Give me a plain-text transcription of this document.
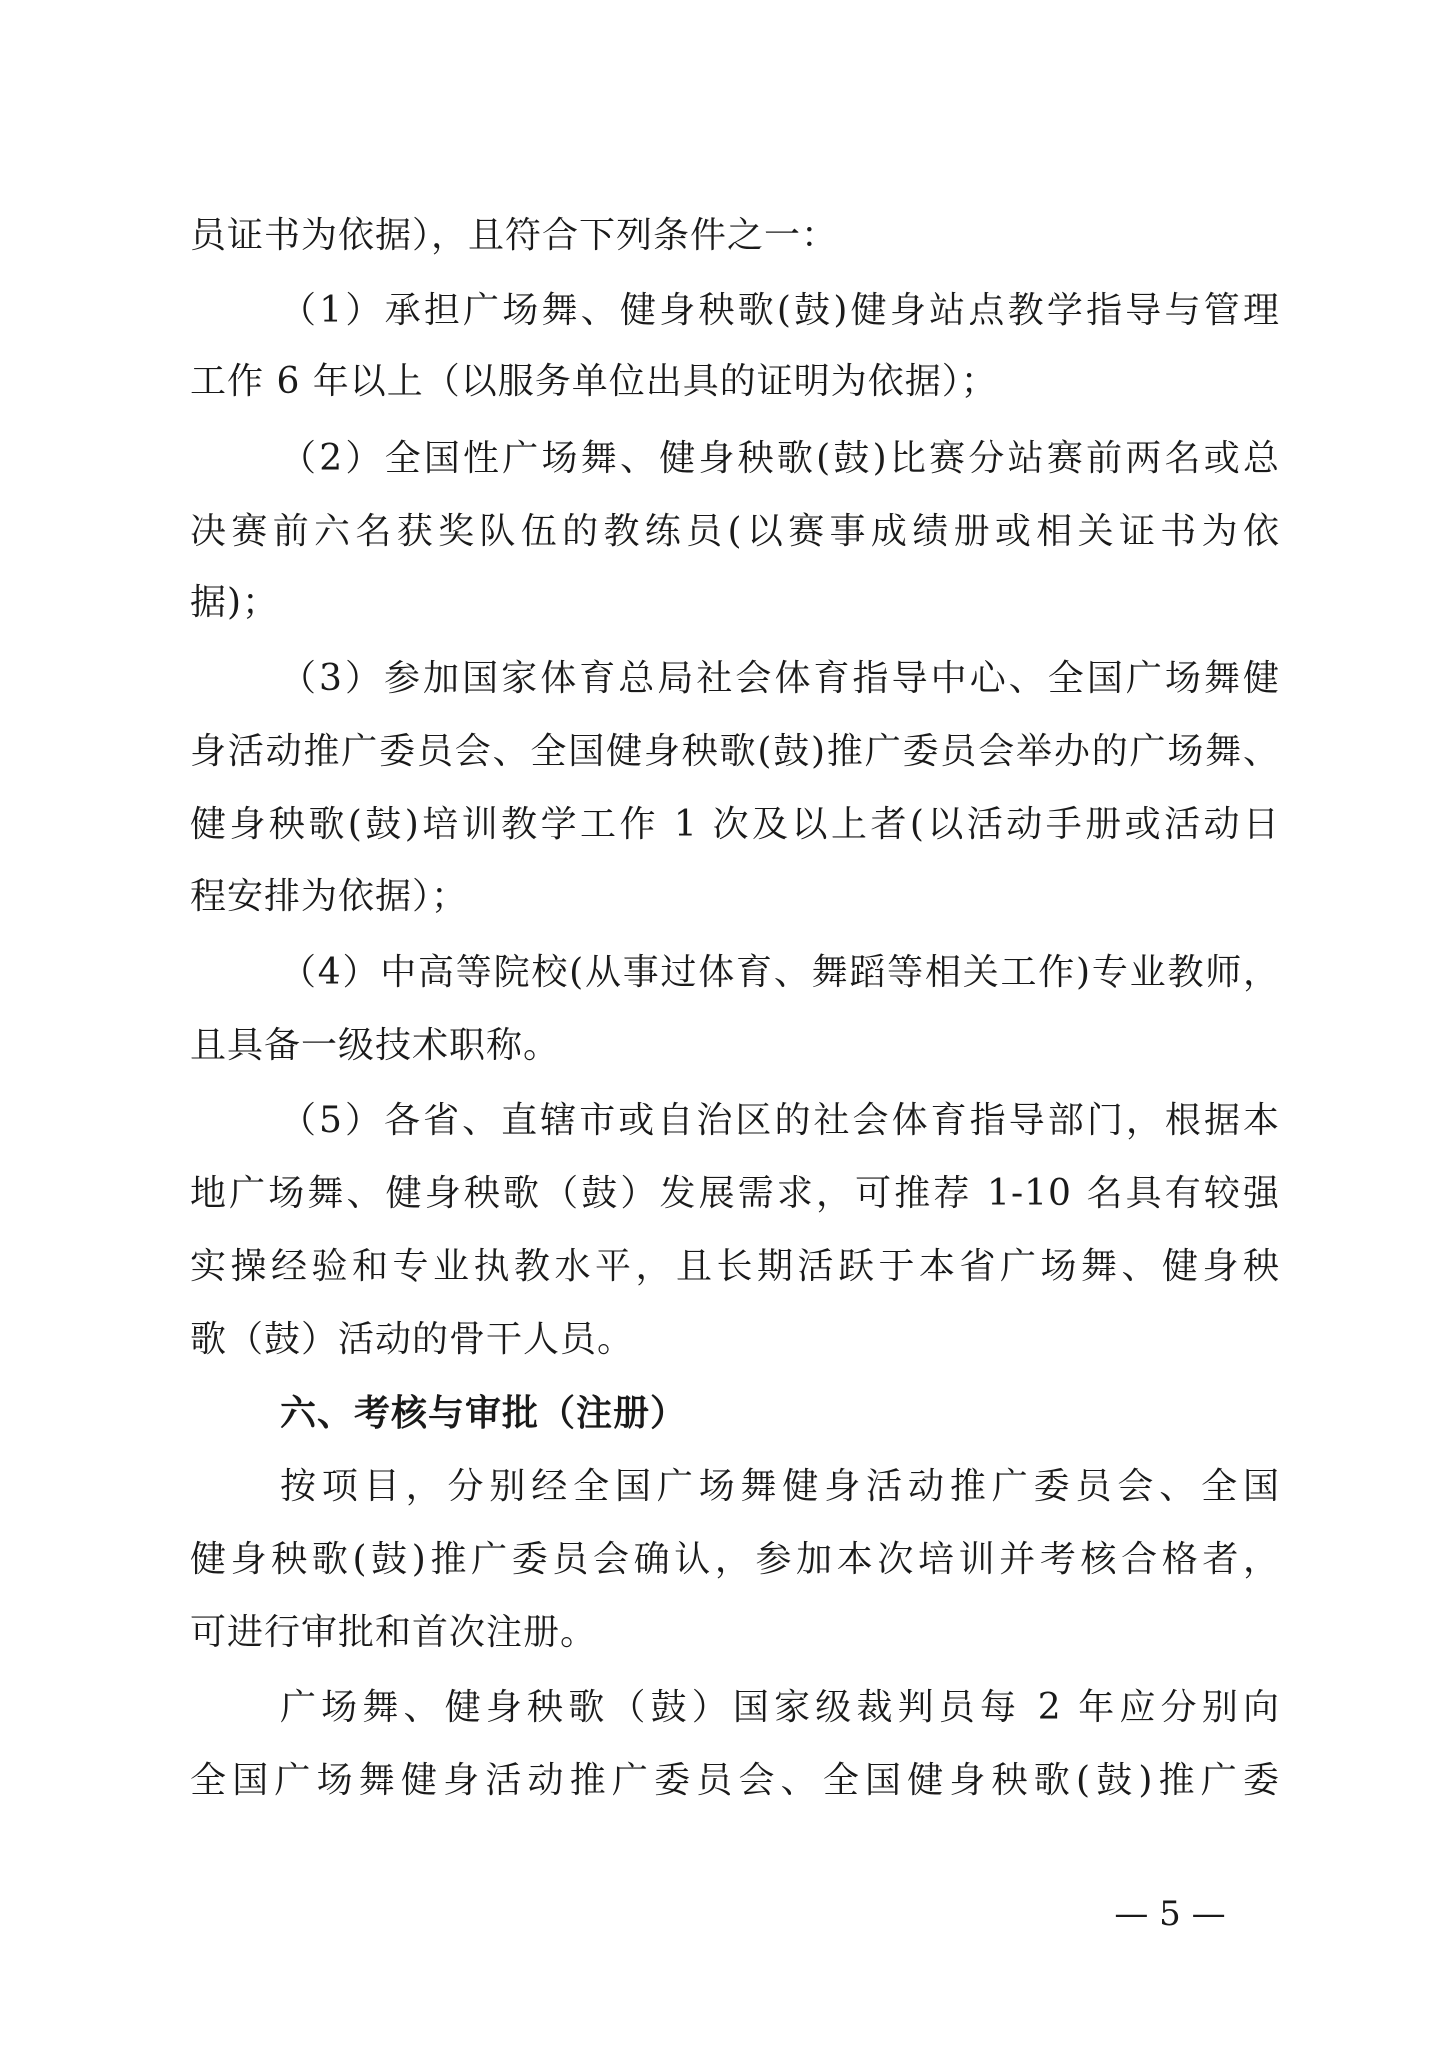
员证书为依据），且符合下列条件之一：
（1）承担广场舞、健身秧歌(鼓)健身站点教学指导与管理
工作 6 年以上（以服务单位出具的证明为依据）；
（2）全国性广场舞、健身秧歌(鼓)比赛分站赛前两名或总
决赛前六名获奖队伍的教练员(以赛事成绩册或相关证书为依
据)；
（3）参加国家体育总局社会体育指导中心、全国广场舞健
身活动推广委员会、全国健身秧歌(鼓)推广委员会举办的广场舞、
健身秧歌(鼓)培训教学工作 1 次及以上者(以活动手册或活动日
程安排为依据）；
（4）中高等院校(从事过体育、舞蹈等相关工作)专业教师，
且具备一级技术职称。
（5）各省、直辖市或自治区的社会体育指导部门，根据本
地广场舞、健身秧歌（鼓）发展需求，可推荐 1-10 名具有较强
实操经验和专业执教水平，且长期活跃于本省广场舞、健身秧
歌（鼓）活动的骨干人员。
六、考核与审批（注册）
按项目，分别经全国广场舞健身活动推广委员会、全国
健身秧歌(鼓)推广委员会确认，参加本次培训并考核合格者，
可进行审批和首次注册。
广场舞、健身秧歌（鼓）国家级裁判员每 2 年应分别向
全国广场舞健身活动推广委员会、全国健身秧歌(鼓)推广委
— 5 —
